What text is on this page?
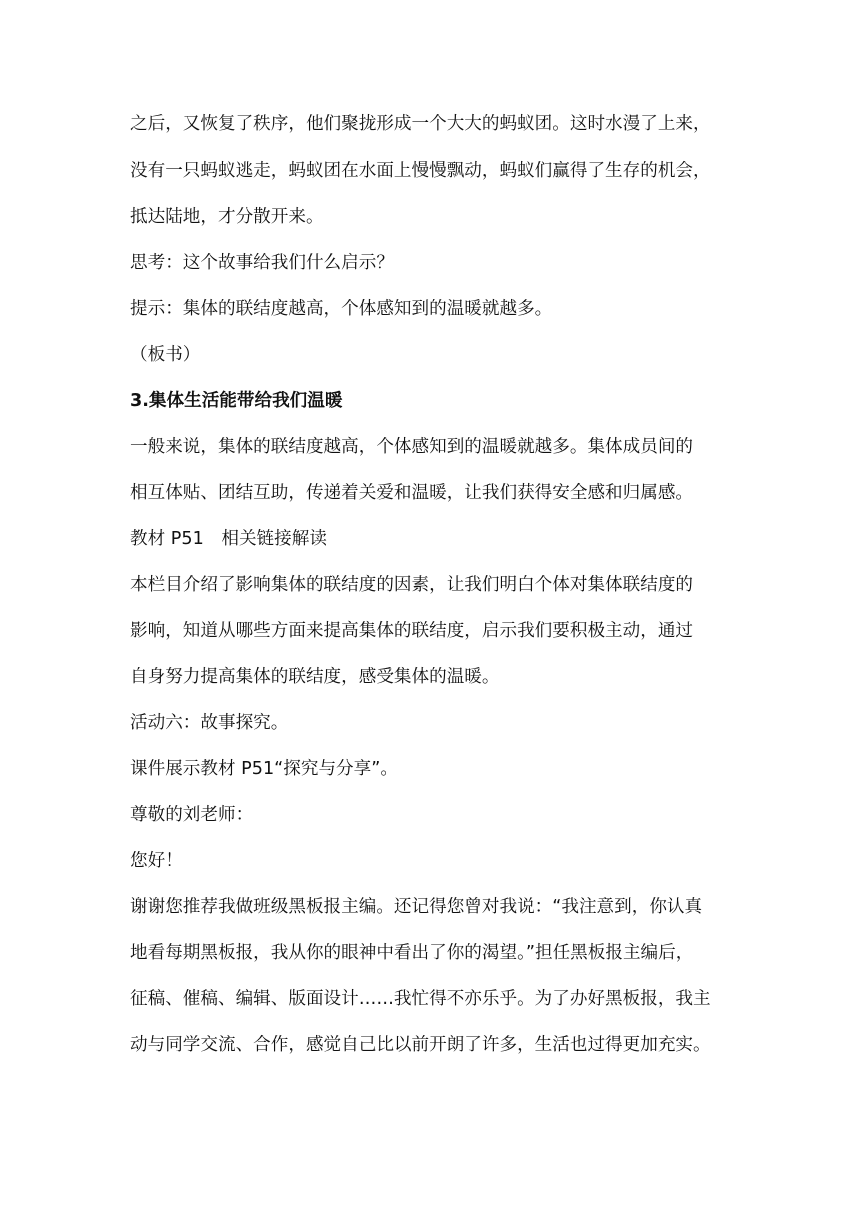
之后，又恢复了秩序，他们聚拢形成一个大大的蚂蚁团。这时水漫了上来，

没有一只蚂蚁逃走，蚂蚁团在水面上慢慢飘动，蚂蚁们赢得了生存的机会，

抵达陆地，才分散开来。

思考：这个故事给我们什么启示？

提示：集体的联结度越高，个体感知到的温暖就越多。

（板书）

3.集体生活能带给我们温暖

一般来说，集体的联结度越高，个体感知到的温暖就越多。集体成员间的

相互体贴、团结互助，传递着关爱和温暖，让我们获得安全感和归属感。

教材 P51　相关链接解读

本栏目介绍了影响集体的联结度的因素，让我们明白个体对集体联结度的

影响，知道从哪些方面来提高集体的联结度，启示我们要积极主动，通过

自身努力提高集体的联结度，感受集体的温暖。

活动六：故事探究。

课件展示教材 P51“探究与分享”。

尊敬的刘老师：

您好！

谢谢您推荐我做班级黑板报主编。还记得您曾对我说：“我注意到，你认真

地看每期黑板报，我从你的眼神中看出了你的渴望。”担任黑板报主编后，

征稿、催稿、编辑、版面设计……我忙得不亦乐乎。为了办好黑板报，我主

动与同学交流、合作，感觉自己比以前开朗了许多，生活也过得更加充实。
